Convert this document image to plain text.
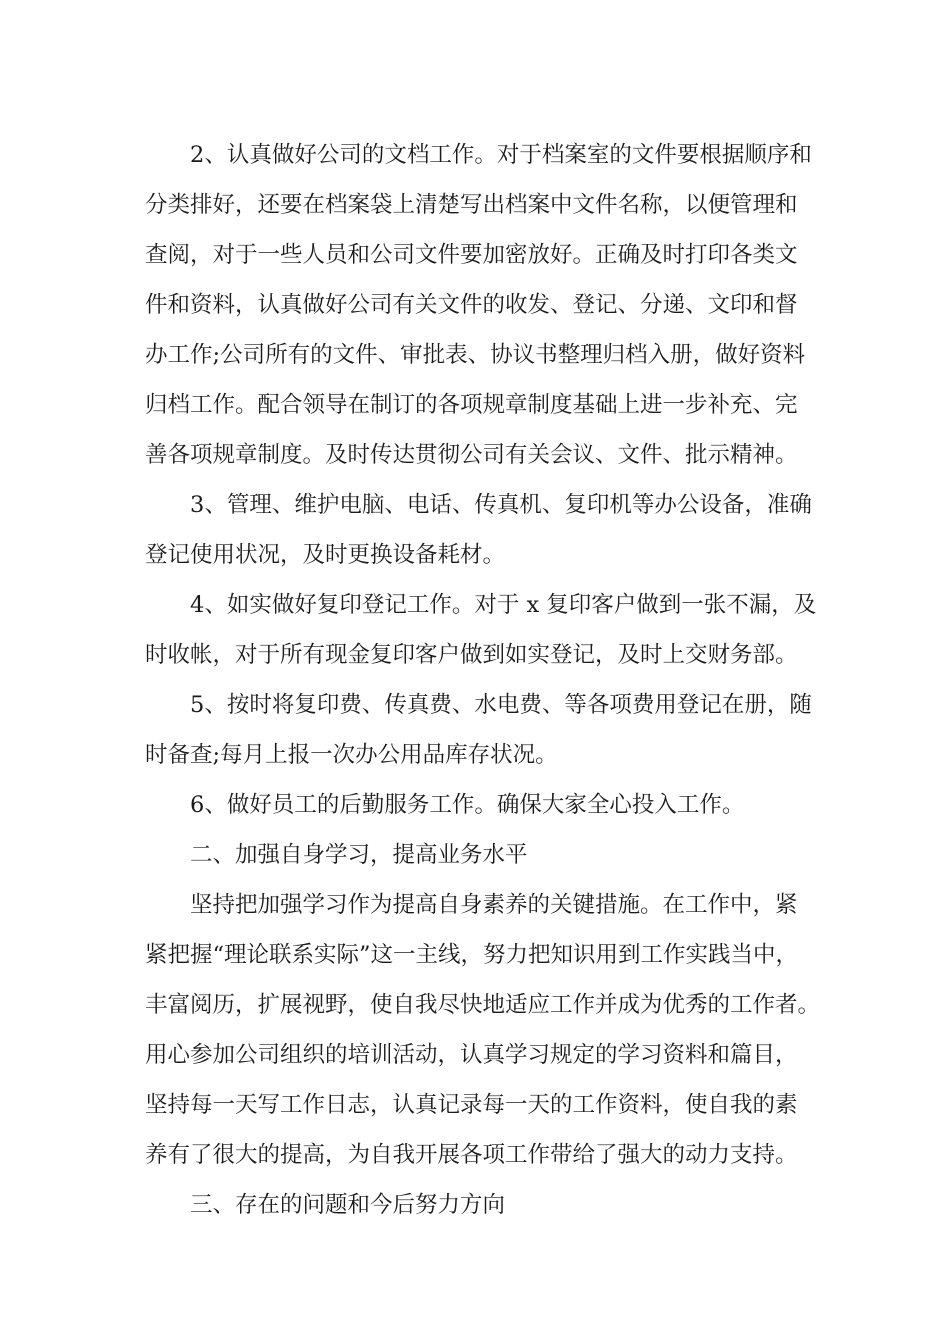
2、认真做好公司的文档工作。对于档案室的文件要根据顺序和

分类排好，还要在档案袋上清楚写出档案中文件名称，以便管理和

查阅，对于一些人员和公司文件要加密放好。正确及时打印各类文

件和资料，认真做好公司有关文件的收发、登记、分递、文印和督

办工作;公司所有的文件、审批表、协议书整理归档入册，做好资料

归档工作。配合领导在制订的各项规章制度基础上进一步补充、完

善各项规章制度。及时传达贯彻公司有关会议、文件、批示精神。

3、管理、维护电脑、电话、传真机、复印机等办公设备，准确

登记使用状况，及时更换设备耗材。

4、如实做好复印登记工作。对于 x 复印客户做到一张不漏，及

时收帐，对于所有现金复印客户做到如实登记，及时上交财务部。

5、按时将复印费、传真费、水电费、等各项费用登记在册，随

时备查;每月上报一次办公用品库存状况。

6、做好员工的后勤服务工作。确保大家全心投入工作。

二、加强自身学习，提高业务水平

坚持把加强学习作为提高自身素养的关键措施。在工作中，紧

紧把握“理论联系实际”这一主线，努力把知识用到工作实践当中，

丰富阅历，扩展视野，使自我尽快地适应工作并成为优秀的工作者。

用心参加公司组织的培训活动，认真学习规定的学习资料和篇目，

坚持每一天写工作日志，认真记录每一天的工作资料，使自我的素

养有了很大的提高，为自我开展各项工作带给了强大的动力支持。

三、存在的问题和今后努力方向
